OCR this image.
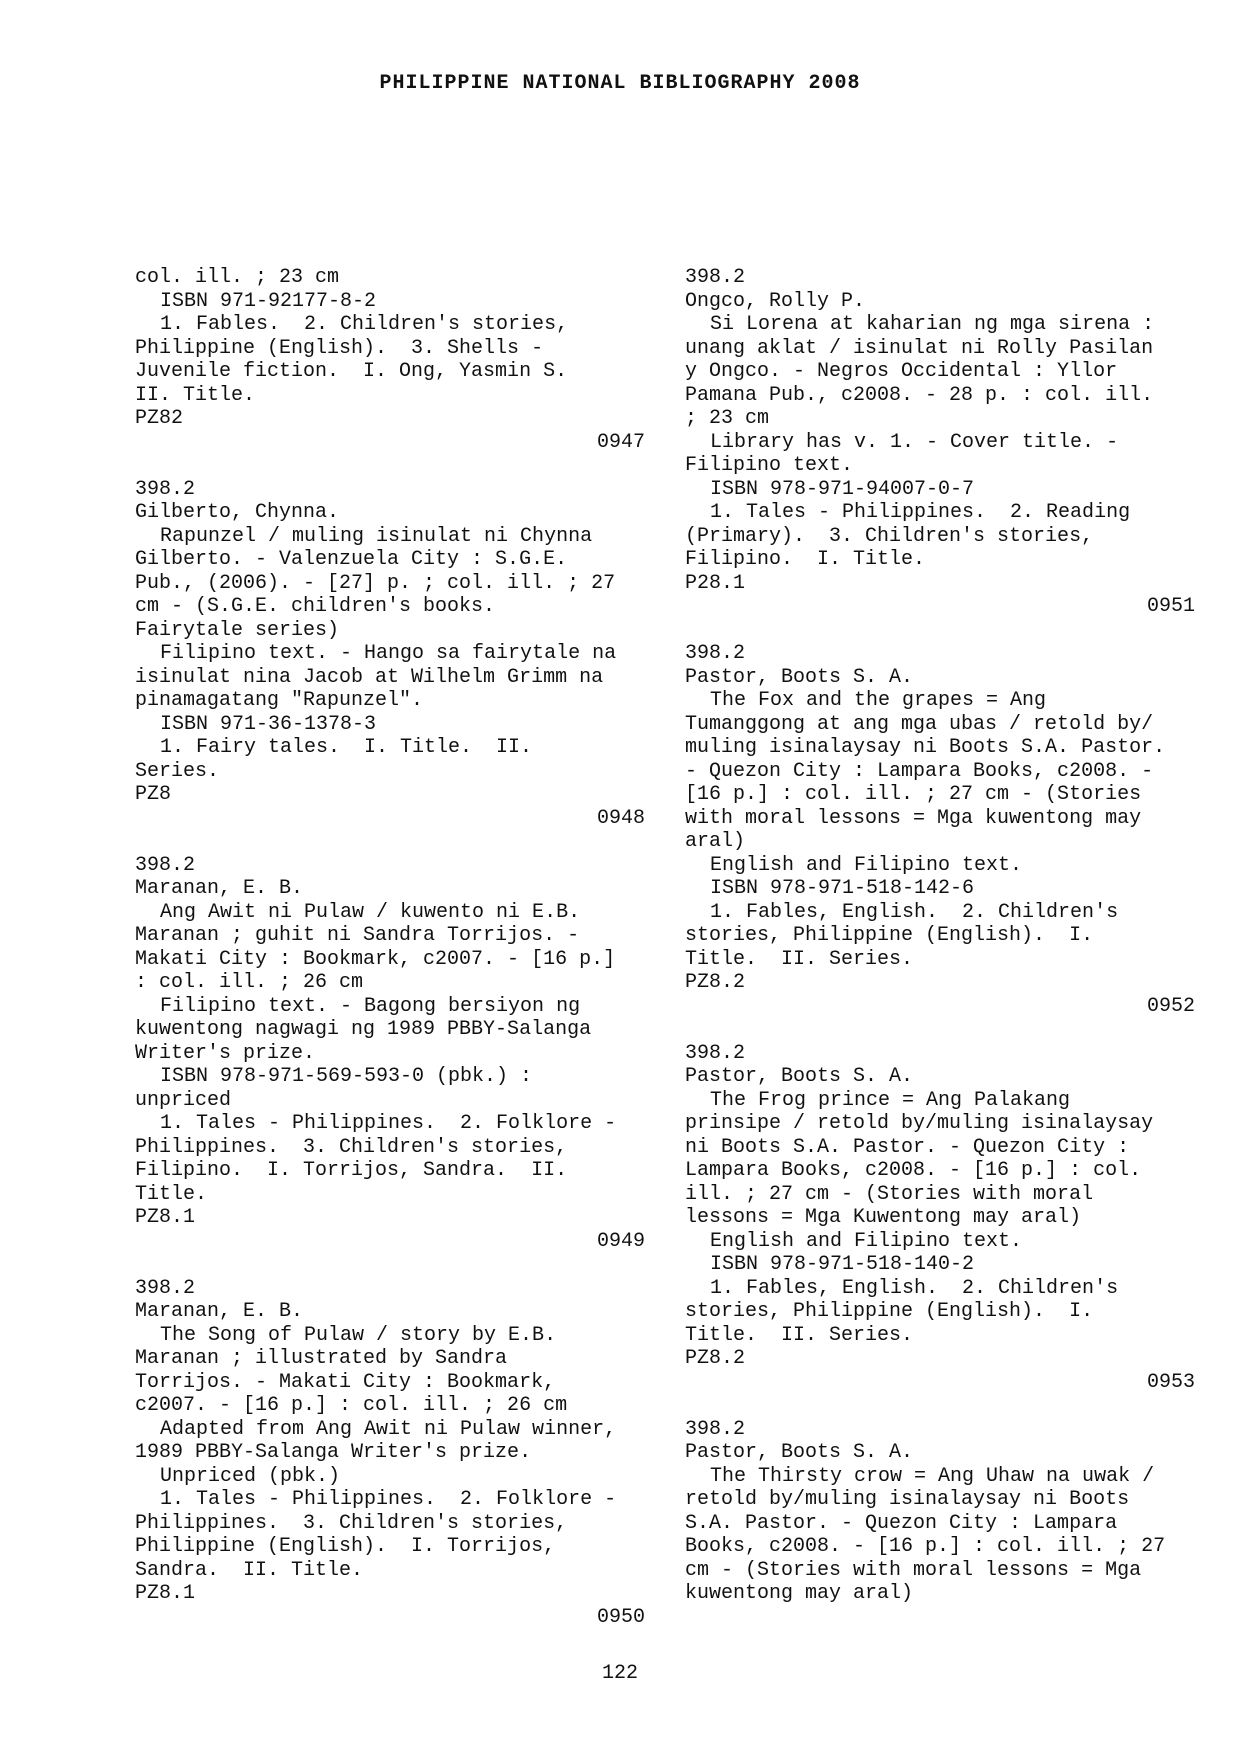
PHILIPPINE NATIONAL BIBLIOGRAPHY 2008
col. ill. ; 23 cm
ISBN 971-92177-8-2
1. Fables.  2. Children's stories,
Philippine (English).  3. Shells -
Juvenile fiction.  I. Ong, Yasmin S.
II. Title.
PZ82
0947
398.2
Gilberto, Chynna.
Rapunzel / muling isinulat ni Chynna
Gilberto. - Valenzuela City : S.G.E.
Pub., (2006). - [27] p. ; col. ill. ; 27
cm - (S.G.E. children's books.
Fairytale series)
Filipino text. - Hango sa fairytale na
isinulat nina Jacob at Wilhelm Grimm na
pinamagatang "Rapunzel".
ISBN 971-36-1378-3
1. Fairy tales.  I. Title.  II.
Series.
PZ8
0948
398.2
Maranan, E. B.
Ang Awit ni Pulaw / kuwento ni E.B.
Maranan ; guhit ni Sandra Torrijos. -
Makati City : Bookmark, c2007. - [16 p.]
: col. ill. ; 26 cm
Filipino text. - Bagong bersiyon ng
kuwentong nagwagi ng 1989 PBBY-Salanga
Writer's prize.
ISBN 978-971-569-593-0 (pbk.) :
unpriced
1. Tales - Philippines.  2. Folklore -
Philippines.  3. Children's stories,
Filipino.  I. Torrijos, Sandra.  II.
Title.
PZ8.1
0949
398.2
Maranan, E. B.
The Song of Pulaw / story by E.B.
Maranan ; illustrated by Sandra
Torrijos. - Makati City : Bookmark,
c2007. - [16 p.] : col. ill. ; 26 cm
Adapted from Ang Awit ni Pulaw winner,
1989 PBBY-Salanga Writer's prize.
Unpriced (pbk.)
1. Tales - Philippines.  2. Folklore -
Philippines.  3. Children's stories,
Philippine (English).  I. Torrijos,
Sandra.  II. Title.
PZ8.1
0950
398.2
Ongco, Rolly P.
Si Lorena at kaharian ng mga sirena :
unang aklat / isinulat ni Rolly Pasilan
y Ongco. - Negros Occidental : Yllor
Pamana Pub., c2008. - 28 p. : col. ill.
; 23 cm
Library has v. 1. - Cover title. -
Filipino text.
ISBN 978-971-94007-0-7
1. Tales - Philippines.  2. Reading
(Primary).  3. Children's stories,
Filipino.  I. Title.
P28.1
0951
398.2
Pastor, Boots S. A.
The Fox and the grapes = Ang
Tumanggong at ang mga ubas / retold by/
muling isinalaysay ni Boots S.A. Pastor.
- Quezon City : Lampara Books, c2008. -
[16 p.] : col. ill. ; 27 cm - (Stories
with moral lessons = Mga kuwentong may
aral)
English and Filipino text.
ISBN 978-971-518-142-6
1. Fables, English.  2. Children's
stories, Philippine (English).  I.
Title.  II. Series.
PZ8.2
0952
398.2
Pastor, Boots S. A.
The Frog prince = Ang Palakang
prinsipe / retold by/muling isinalaysay
ni Boots S.A. Pastor. - Quezon City :
Lampara Books, c2008. - [16 p.] : col.
ill. ; 27 cm - (Stories with moral
lessons = Mga Kuwentong may aral)
English and Filipino text.
ISBN 978-971-518-140-2
1. Fables, English.  2. Children's
stories, Philippine (English).  I.
Title.  II. Series.
PZ8.2
0953
398.2
Pastor, Boots S. A.
The Thirsty crow = Ang Uhaw na uwak /
retold by/muling isinalaysay ni Boots
S.A. Pastor. - Quezon City : Lampara
Books, c2008. - [16 p.] : col. ill. ; 27
cm - (Stories with moral lessons = Mga
kuwentong may aral)
122
